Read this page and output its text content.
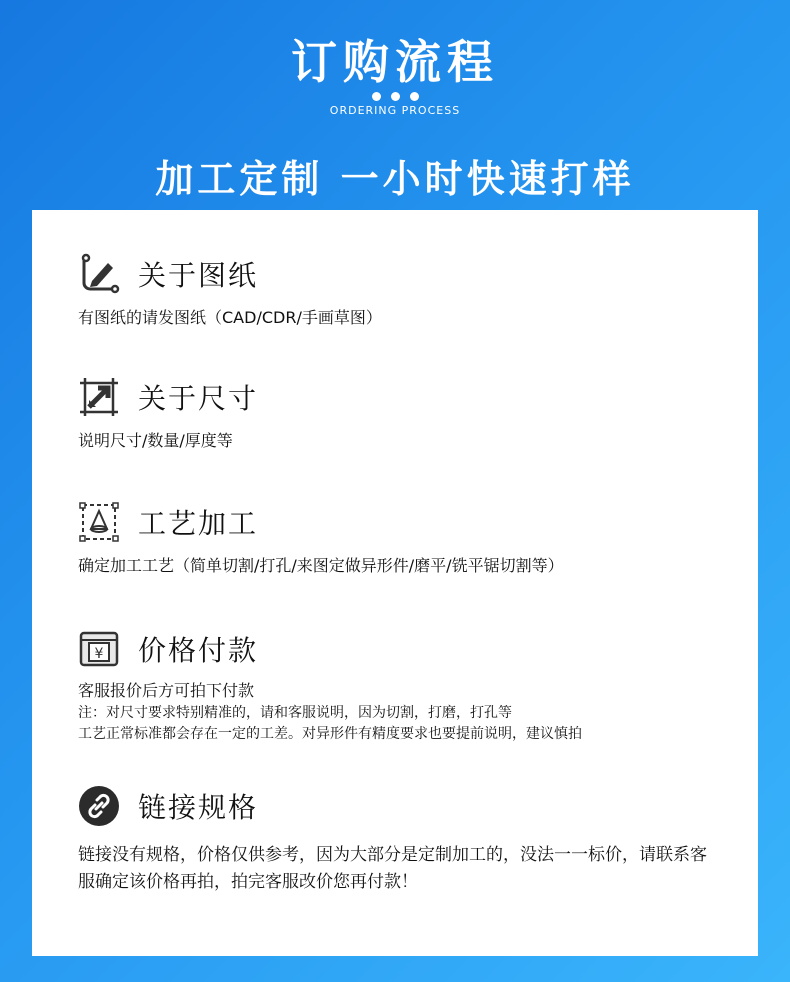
订购流程
ORDERING PROCESS
加工定制 一小时快速打样
关于图纸
有图纸的请发图纸（CAD/CDR/手画草图）
关于尺寸
说明尺寸/数量/厚度等
工艺加工
确定加工工艺（简单切割/打孔/来图定做异形件/磨平/铣平锯切割等）
¥ 价格付款
客服报价后方可拍下付款
注：对尺寸要求特别精准的，请和客服说明，因为切割，打磨，打孔等
工艺正常标准都会存在一定的工差。对异形件有精度要求也要提前说明，建议慎拍
链接规格
链接没有规格，价格仅供参考，因为大部分是定制加工的，没法一一标价，请联系客服确定该价格再拍，拍完客服改价您再付款！
